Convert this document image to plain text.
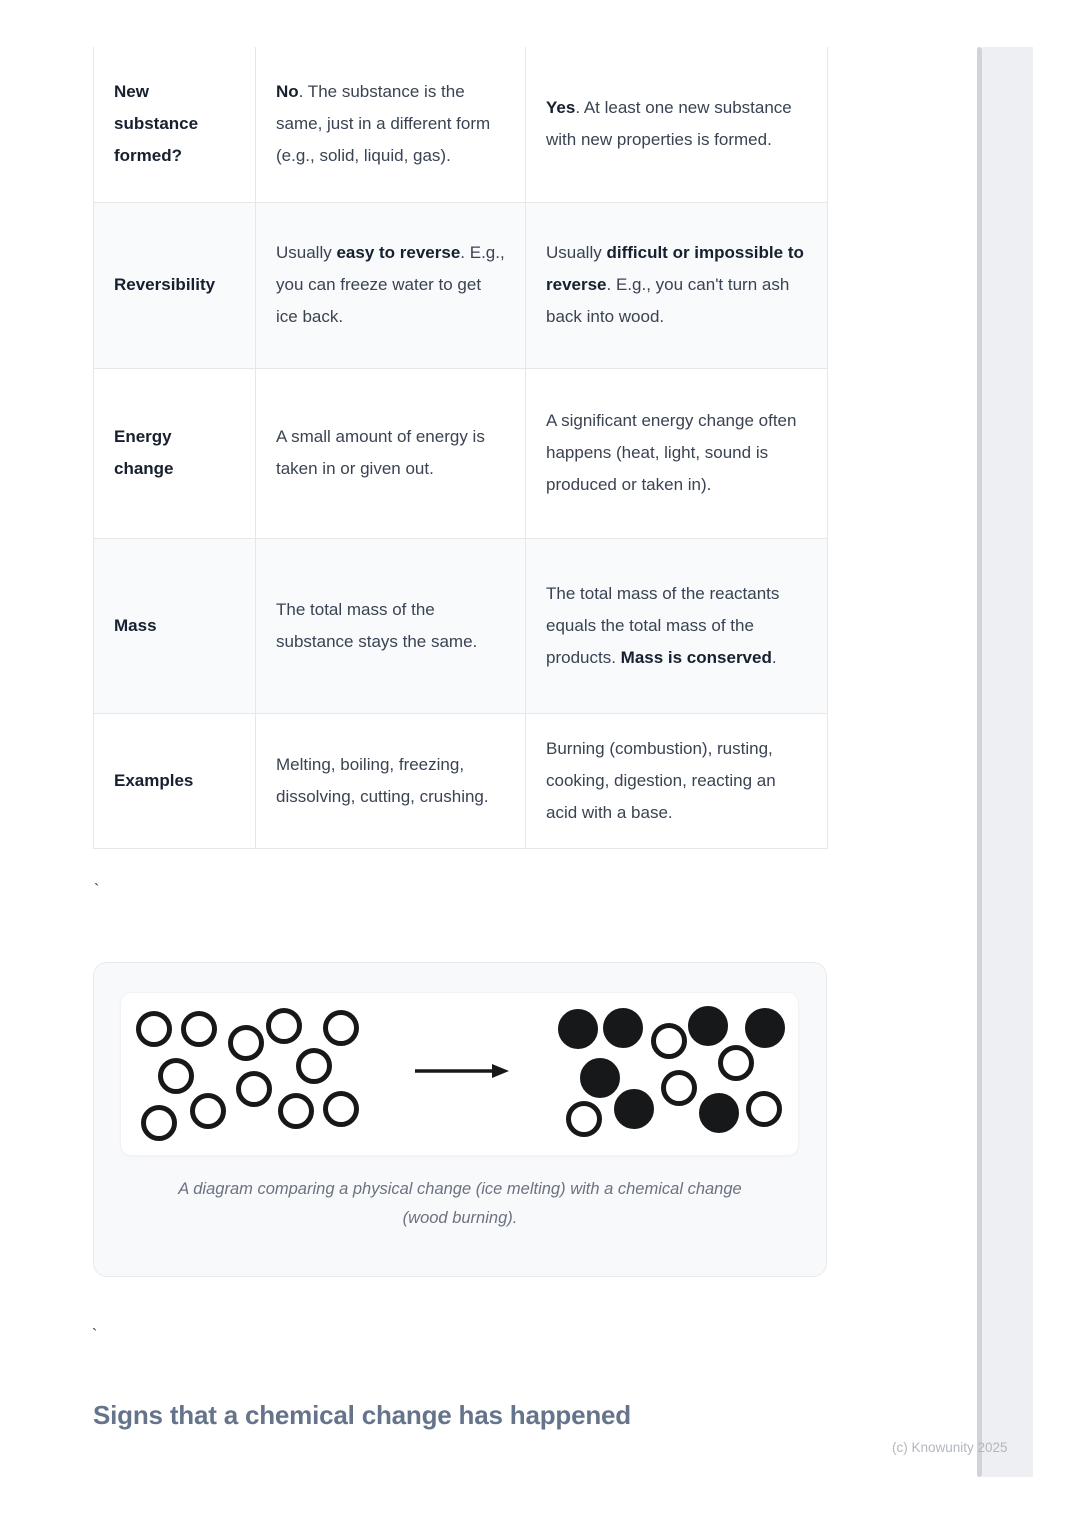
New substance formed?	No. The substance is the same, just in a different form (e.g., solid, liquid, gas).	Yes. At least one new substance with new properties is formed.
Reversibility	Usually easy to reverse. E.g., you can freeze water to get ice back.	Usually difficult or impossible to reverse. E.g., you can't turn ash back into wood.
Energy change	A small amount of energy is taken in or given out.	A significant energy change often happens (heat, light, sound is produced or taken in).
Mass	The total mass of the substance stays the same.	The total mass of the reactants equals the total mass of the products. Mass is conserved.
Examples	Melting, boiling, freezing, dissolving, cutting, crushing.	Burning (combustion), rusting, cooking, digestion, reacting an acid with a base.
`
A diagram comparing a physical change (ice melting) with a chemical change (wood burning).
`
Signs that a chemical change has happened
(c) Knowunity 2025
